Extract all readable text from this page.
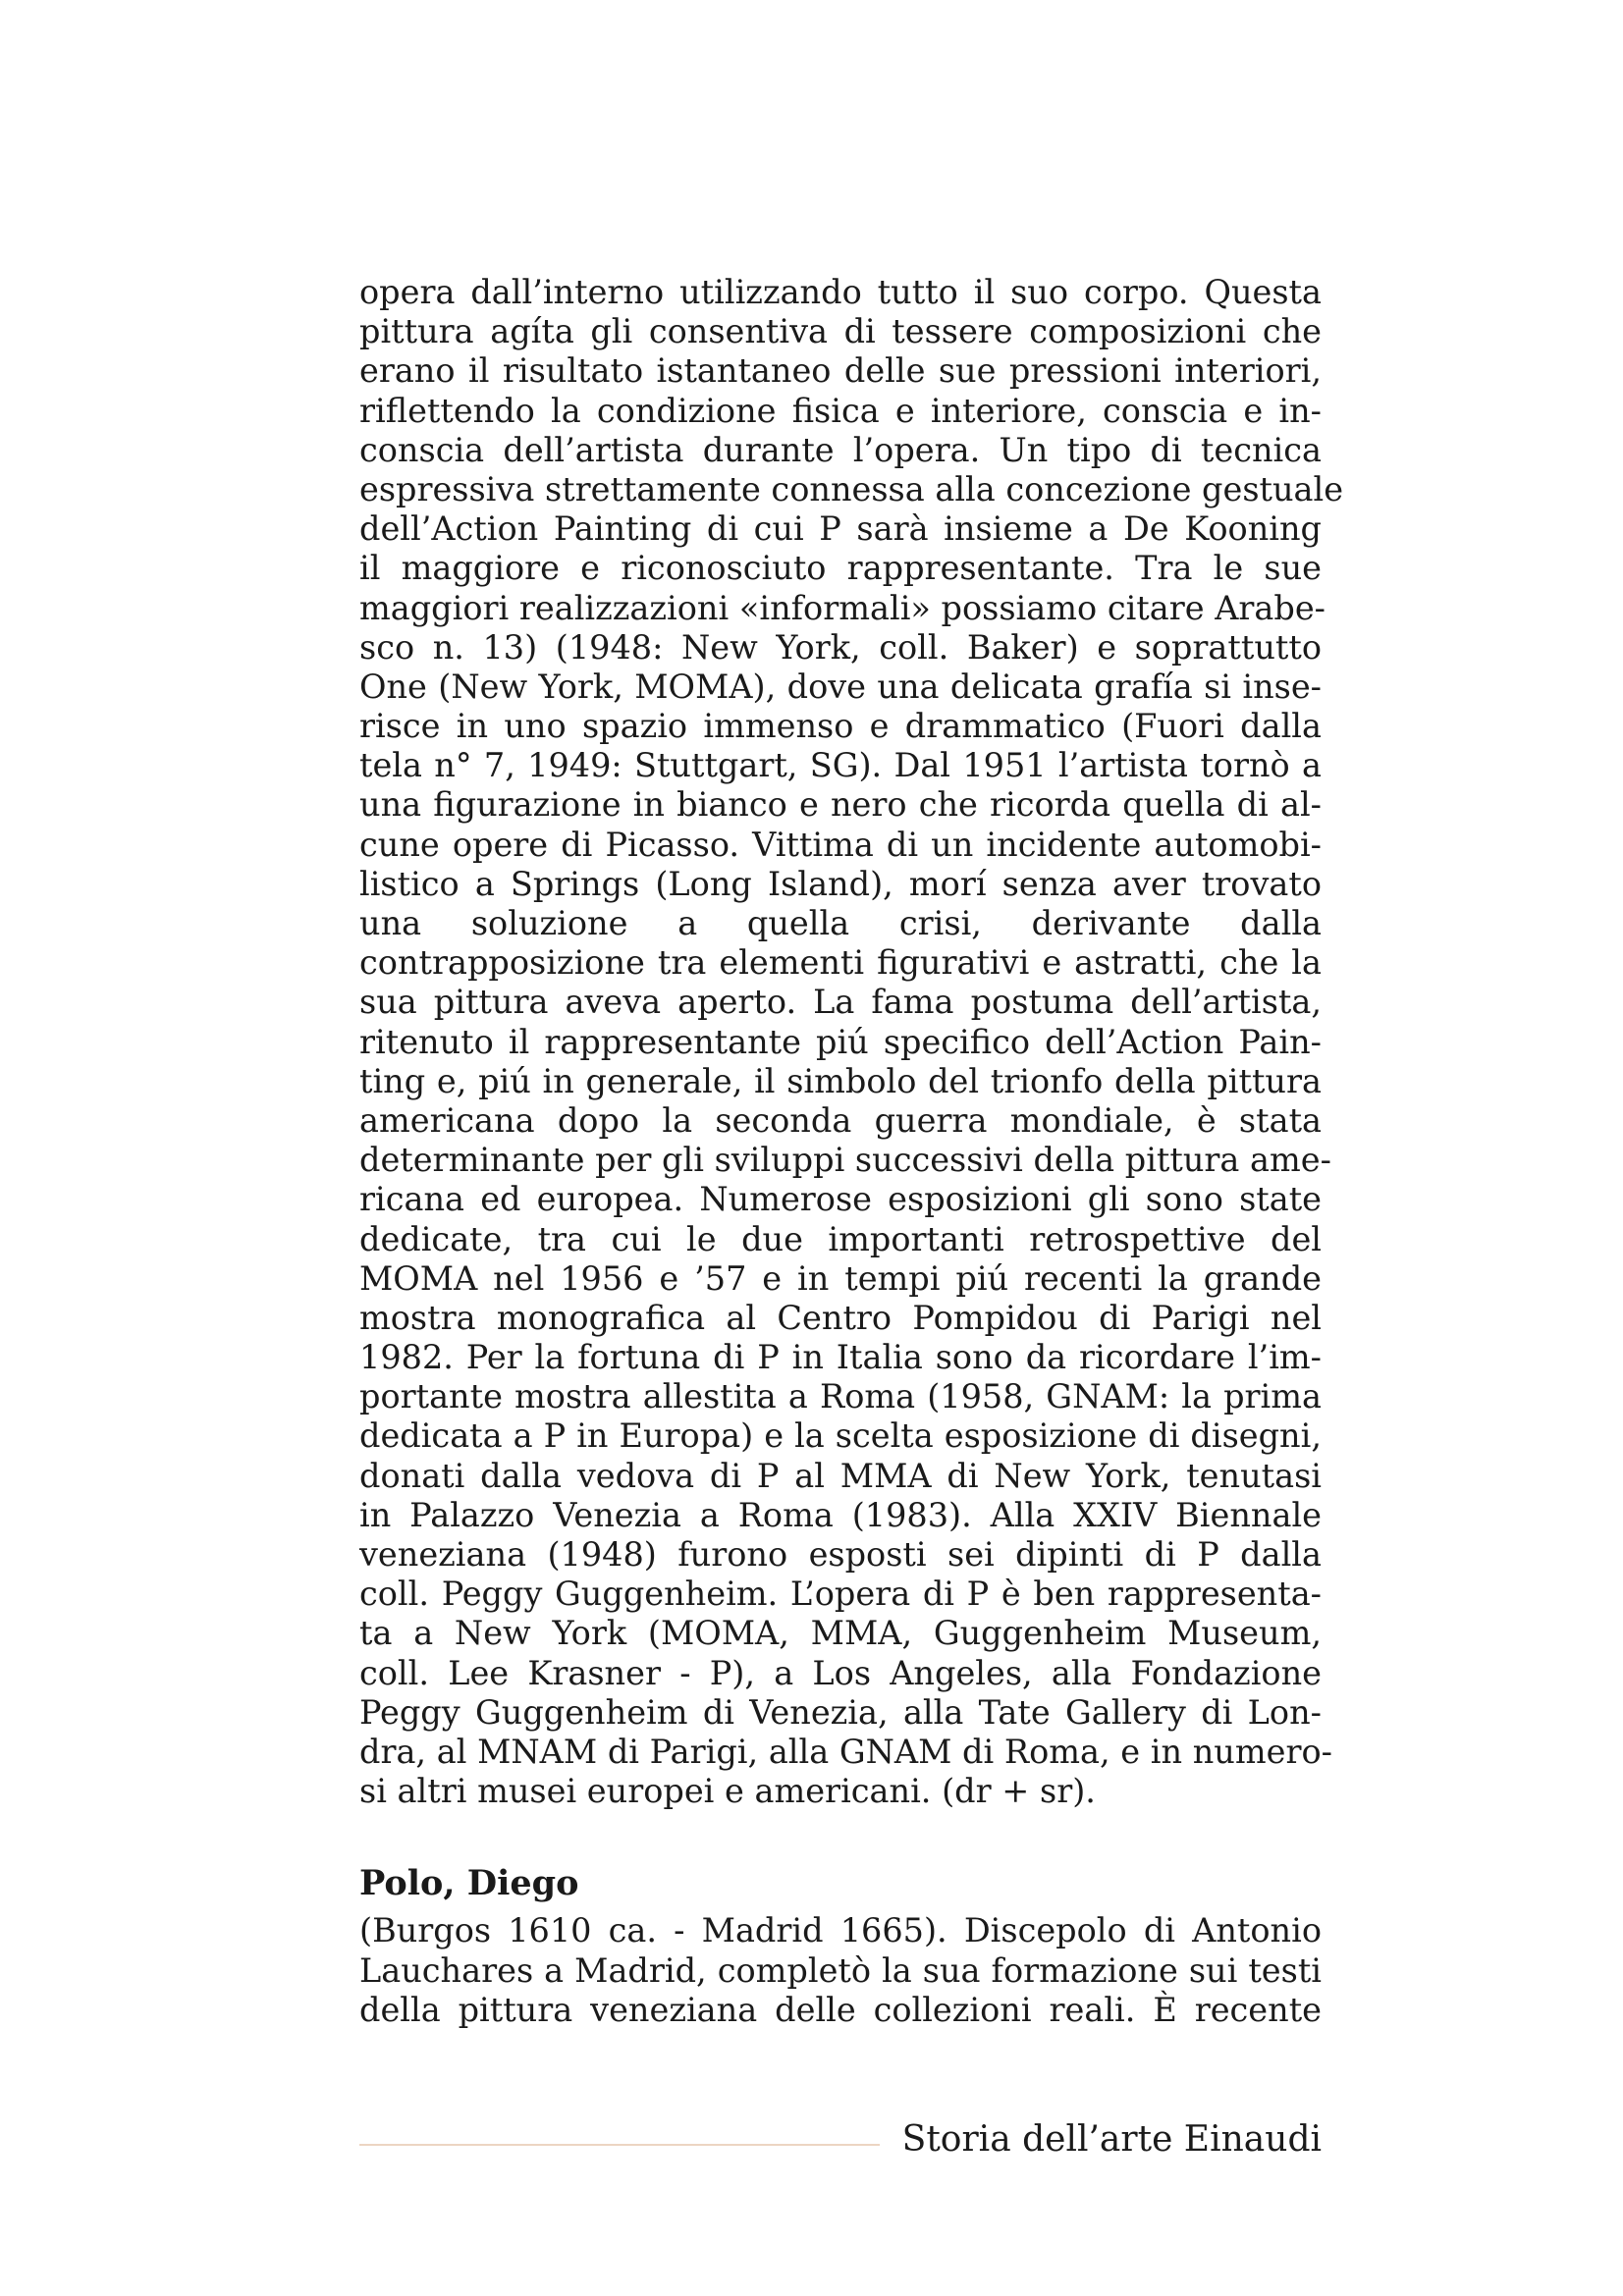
opera dall’interno utilizzando tutto il suo corpo. Questa

pittura agíta gli consentiva di tessere composizioni che

erano il risultato istantaneo delle sue pressioni interiori,

riflettendo la condizione fisica e interiore, conscia e in-

conscia dell’artista durante l’opera. Un tipo di tecnica

espressiva strettamente connessa alla concezione gestuale

dell’Action Painting di cui P sarà insieme a De Kooning

il maggiore e riconosciuto rappresentante. Tra le sue

maggiori realizzazioni «informali» possiamo citare Arabe-

sco n. 13) (1948: New York, coll. Baker) e soprattutto

One (New York, MOMA), dove una delicata grafía si inse-

risce in uno spazio immenso e drammatico (Fuori dalla

tela n° 7, 1949: Stuttgart, SG). Dal 1951 l’artista tornò a

una figurazione in bianco e nero che ricorda quella di al-

cune opere di Picasso. Vittima di un incidente automobi-

listico a Springs (Long Island), morí senza aver trovato

una soluzione a quella crisi, derivante dalla

contrapposizione tra elementi figurativi e astratti, che la

sua pittura aveva aperto. La fama postuma dell’artista,

ritenuto il rappresentante piú specifico dell’Action Pain-

ting e, piú in generale, il simbolo del trionfo della pittura

americana dopo la seconda guerra mondiale, è stata

determinante per gli sviluppi successivi della pittura ame-

ricana ed europea. Numerose esposizioni gli sono state

dedicate, tra cui le due importanti retrospettive del

MOMA nel 1956 e ’57 e in tempi piú recenti la grande

mostra monografica al Centro Pompidou di Parigi nel

1982. Per la fortuna di P in Italia sono da ricordare l’im-

portante mostra allestita a Roma (1958, GNAM: la prima

dedicata a P in Europa) e la scelta esposizione di disegni,

donati dalla vedova di P al MMA di New York, tenutasi

in Palazzo Venezia a Roma (1983). Alla XXIV Biennale

veneziana (1948) furono esposti sei dipinti di P dalla

coll. Peggy Guggenheim. L’opera di P è ben rappresenta-

ta a New York (MOMA, MMA, Guggenheim Museum,

coll. Lee Krasner - P), a Los Angeles, alla Fondazione

Peggy Guggenheim di Venezia, alla Tate Gallery di Lon-

dra, al MNAM di Parigi, alla GNAM di Roma, e in numero-

si altri musei europei e americani. (dr + sr).

Polo, Diego

(Burgos 1610 ca. - Madrid 1665). Discepolo di Antonio

Lauchares a Madrid, completò la sua formazione sui testi

della pittura veneziana delle collezioni reali. È recente

Storia dell’arte Einaudi
